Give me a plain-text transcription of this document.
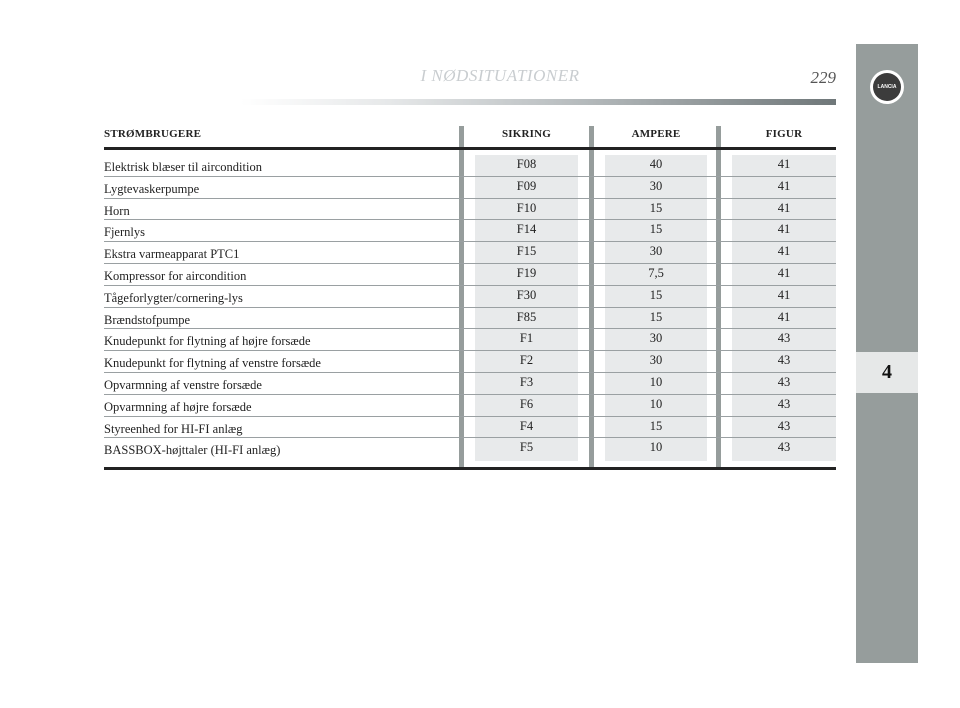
I NØDSITUATIONER	229	LANCIA
4
STRØMBRUGERE	SIKRING	AMPERE	FIGUR
Elektrisk blæser til aircondition	F08	40	41
Lygtevaskerpumpe	F09	30	41
Horn	F10	15	41
Fjernlys	F14	15	41
Ekstra varmeapparat PTC1	F15	30	41
Kompressor for aircondition	F19	7,5	41
Tågeforlygter/cornering-lys	F30	15	41
Brændstofpumpe	F85	15	41
Knudepunkt for flytning af højre forsæde	F1	30	43
Knudepunkt for flytning af venstre forsæde	F2	30	43
Opvarmning af venstre forsæde	F3	10	43
Opvarmning af højre forsæde	F6	10	43
Styreenhed for HI-FI anlæg	F4	15	43
BASSBOX-højttaler (HI-FI anlæg)	F5	10	43
